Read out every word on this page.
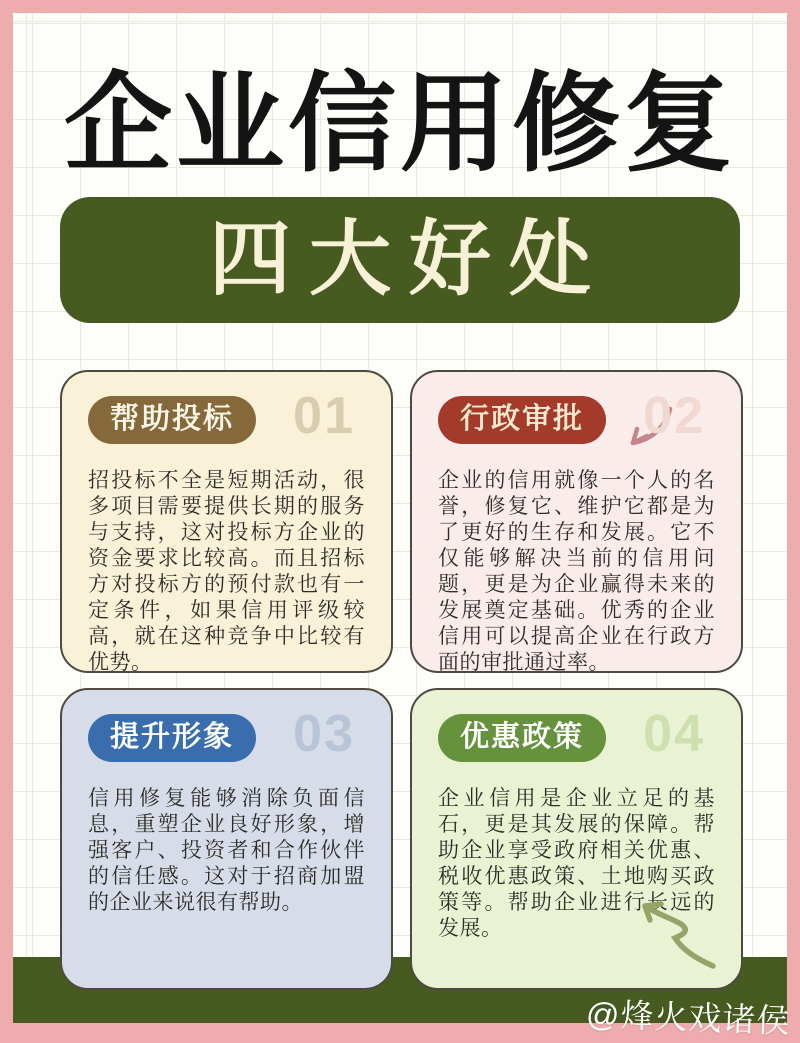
企业信用修复
四大好处
帮助投标	01

招投标不全是短期活动，很多项目需要提供长期的服务与支持，这对投标方企业的资金要求比较高。而且招标方对投标方的预付款也有一定条件，如果信用评级较高，就在这种竞争中比较有优势。

行政审批	02

企业的信用就像一个人的名誉，修复它、维护它都是为了更好的生存和发展。它不仅能够解决当前的信用问题，更是为企业赢得未来的发展奠定基础。优秀的企业信用可以提高企业在行政方面的审批通过率。

提升形象	03

信用修复能够消除负面信息，重塑企业良好形象，增强客户、投资者和合作伙伴的信任感。这对于招商加盟的企业来说很有帮助。

优惠政策	04

企业信用是企业立足的基石，更是其发展的保障。帮助企业享受政府相关优惠、税收优惠政策、土地购买政策等。帮助企业进行长远的发展。

@烽火戏诸侯
